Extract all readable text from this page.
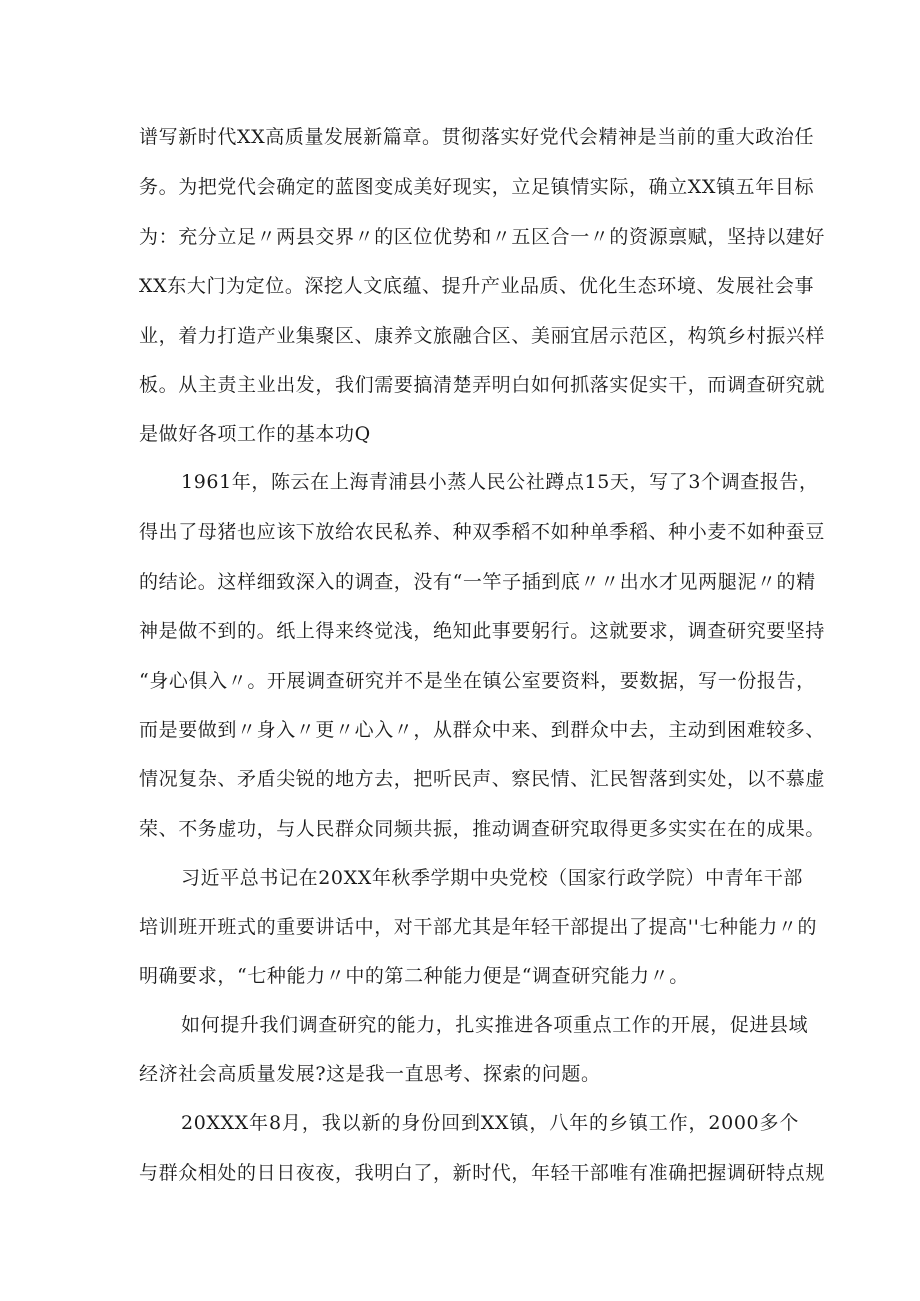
谱写新时代XX高质量发展新篇章。贯彻落实好党代会精神是当前的重大政治任
务。为把党代会确定的蓝图变成美好现实，立足镇情实际，确立XX镇五年目标
为：充分立足〃两县交界〃的区位优势和〃五区合一〃的资源禀赋，坚持以建好
XX东大门为定位。深挖人文底蕴、提升产业品质、优化生态环境、发展社会事
业，着力打造产业集聚区、康养文旅融合区、美丽宜居示范区，构筑乡村振兴样
板。从主责主业出发，我们需要搞清楚弄明白如何抓落实促实干，而调查研究就
是做好各项工作的基本功Q
1961年，陈云在上海青浦县小蒸人民公社蹲点15天，写了3个调查报告，
得出了母猪也应该下放给农民私养、种双季稻不如种单季稻、种小麦不如种蚕豆
的结论。这样细致深入的调查，没有“一竿子插到底〃〃出水才见两腿泥〃的精
神是做不到的。纸上得来终觉浅，绝知此事要躬行。这就要求，调查研究要坚持
“身心俱入〃。开展调查研究并不是坐在镇公室要资料，要数据，写一份报告，
而是要做到〃身入〃更〃心入〃，从群众中来、到群众中去，主动到困难较多、
情况复杂、矛盾尖锐的地方去，把听民声、察民情、汇民智落到实处，以不慕虚
荣、不务虚功，与人民群众同频共振，推动调查研究取得更多实实在在的成果。
习近平总书记在20XX年秋季学期中央党校（国家行政学院）中青年干部
培训班开班式的重要讲话中，对干部尤其是年轻干部提出了提高''七种能力〃的
明确要求，“七种能力〃中的第二种能力便是“调查研究能力〃。
如何提升我们调查研究的能力，扎实推进各项重点工作的开展，促进县域
经济社会高质量发展?这是我一直思考、探索的问题。
20XXX年8月，我以新的身份回到XX镇，八年的乡镇工作，2000多个
与群众相处的日日夜夜，我明白了，新时代，年轻干部唯有准确把握调研特点规
